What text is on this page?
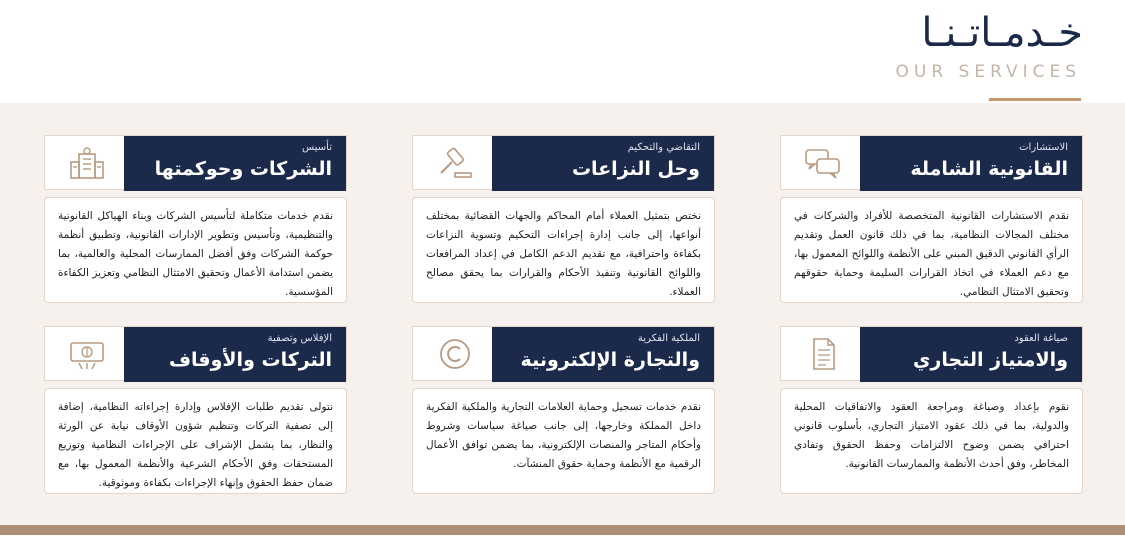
خـدمـاتـنـا
OUR SERVICES
الاستشارات
القانونية الشاملة
نقدم الاستشارات القانونية المتخصصة للأفراد والشركات في مختلف المجالات النظامية، بما في ذلك قانون العمل وتقديم الرأي القانوني الدقيق المبني على الأنظمة واللوائح المعمول بها، مع دعم العملاء في اتخاذ القرارات السليمة وحماية حقوقهم وتحقيق الامتثال النظامي.
التقاضي والتحكيم
وحل النزاعات
نختص بتمثيل العملاء أمام المحاكم والجهات القضائية بمختلف أنواعها، إلى جانب إدارة إجراءات التحكيم وتسوية النزاعات بكفاءة واحترافية، مع تقديم الدعم الكامل في إعداد المرافعات واللوائح القانونية وتنفيذ الأحكام والقرارات بما يحقق مصالح العملاء.
تأسيس
الشركات وحوكمتها
نقدم خدمات متكاملة لتأسيس الشركات وبناء الهياكل القانونية والتنظيمية، وتأسيس وتطوير الإدارات القانونية، وتطبيق أنظمة حوكمة الشركات وفق أفضل الممارسات المحلية والعالمية، بما يضمن استدامة الأعمال وتحقيق الامتثال النظامي وتعزيز الكفاءة المؤسسية.
صياغة العقود
والامتياز التجاري
نقوم بإعداد وصياغة ومراجعة العقود والاتفاقيات المحلية والدولية، بما في ذلك عقود الامتياز التجاري، بأسلوب قانوني احترافي يضمن وضوح الالتزامات وحفظ الحقوق وتفادي المخاطر، وفق أحدث الأنظمة والممارسات القانونية.
الملكية الفكرية
والتجارة الإلكترونية
نقدم خدمات تسجيل وحماية العلامات التجارية والملكية الفكرية داخل المملكة وخارجها، إلى جانب صياغة سياسات وشروط وأحكام المتاجر والمنصات الإلكترونية، بما يضمن توافق الأعمال الرقمية مع الأنظمة وحماية حقوق المنشآت.
الإفلاس وتصفية
التركات والأوقاف
نتولى تقديم طلبات الإفلاس وإدارة إجراءاته النظامية، إضافة إلى تصفية التركات وتنظيم شؤون الأوقاف نيابة عن الورثة والنظار، بما يشمل الإشراف على الإجراءات النظامية وتوزيع المستحقات وفق الأحكام الشرعية والأنظمة المعمول بها، مع ضمان حفظ الحقوق وإنهاء الإجراءات بكفاءة وموثوقية.
